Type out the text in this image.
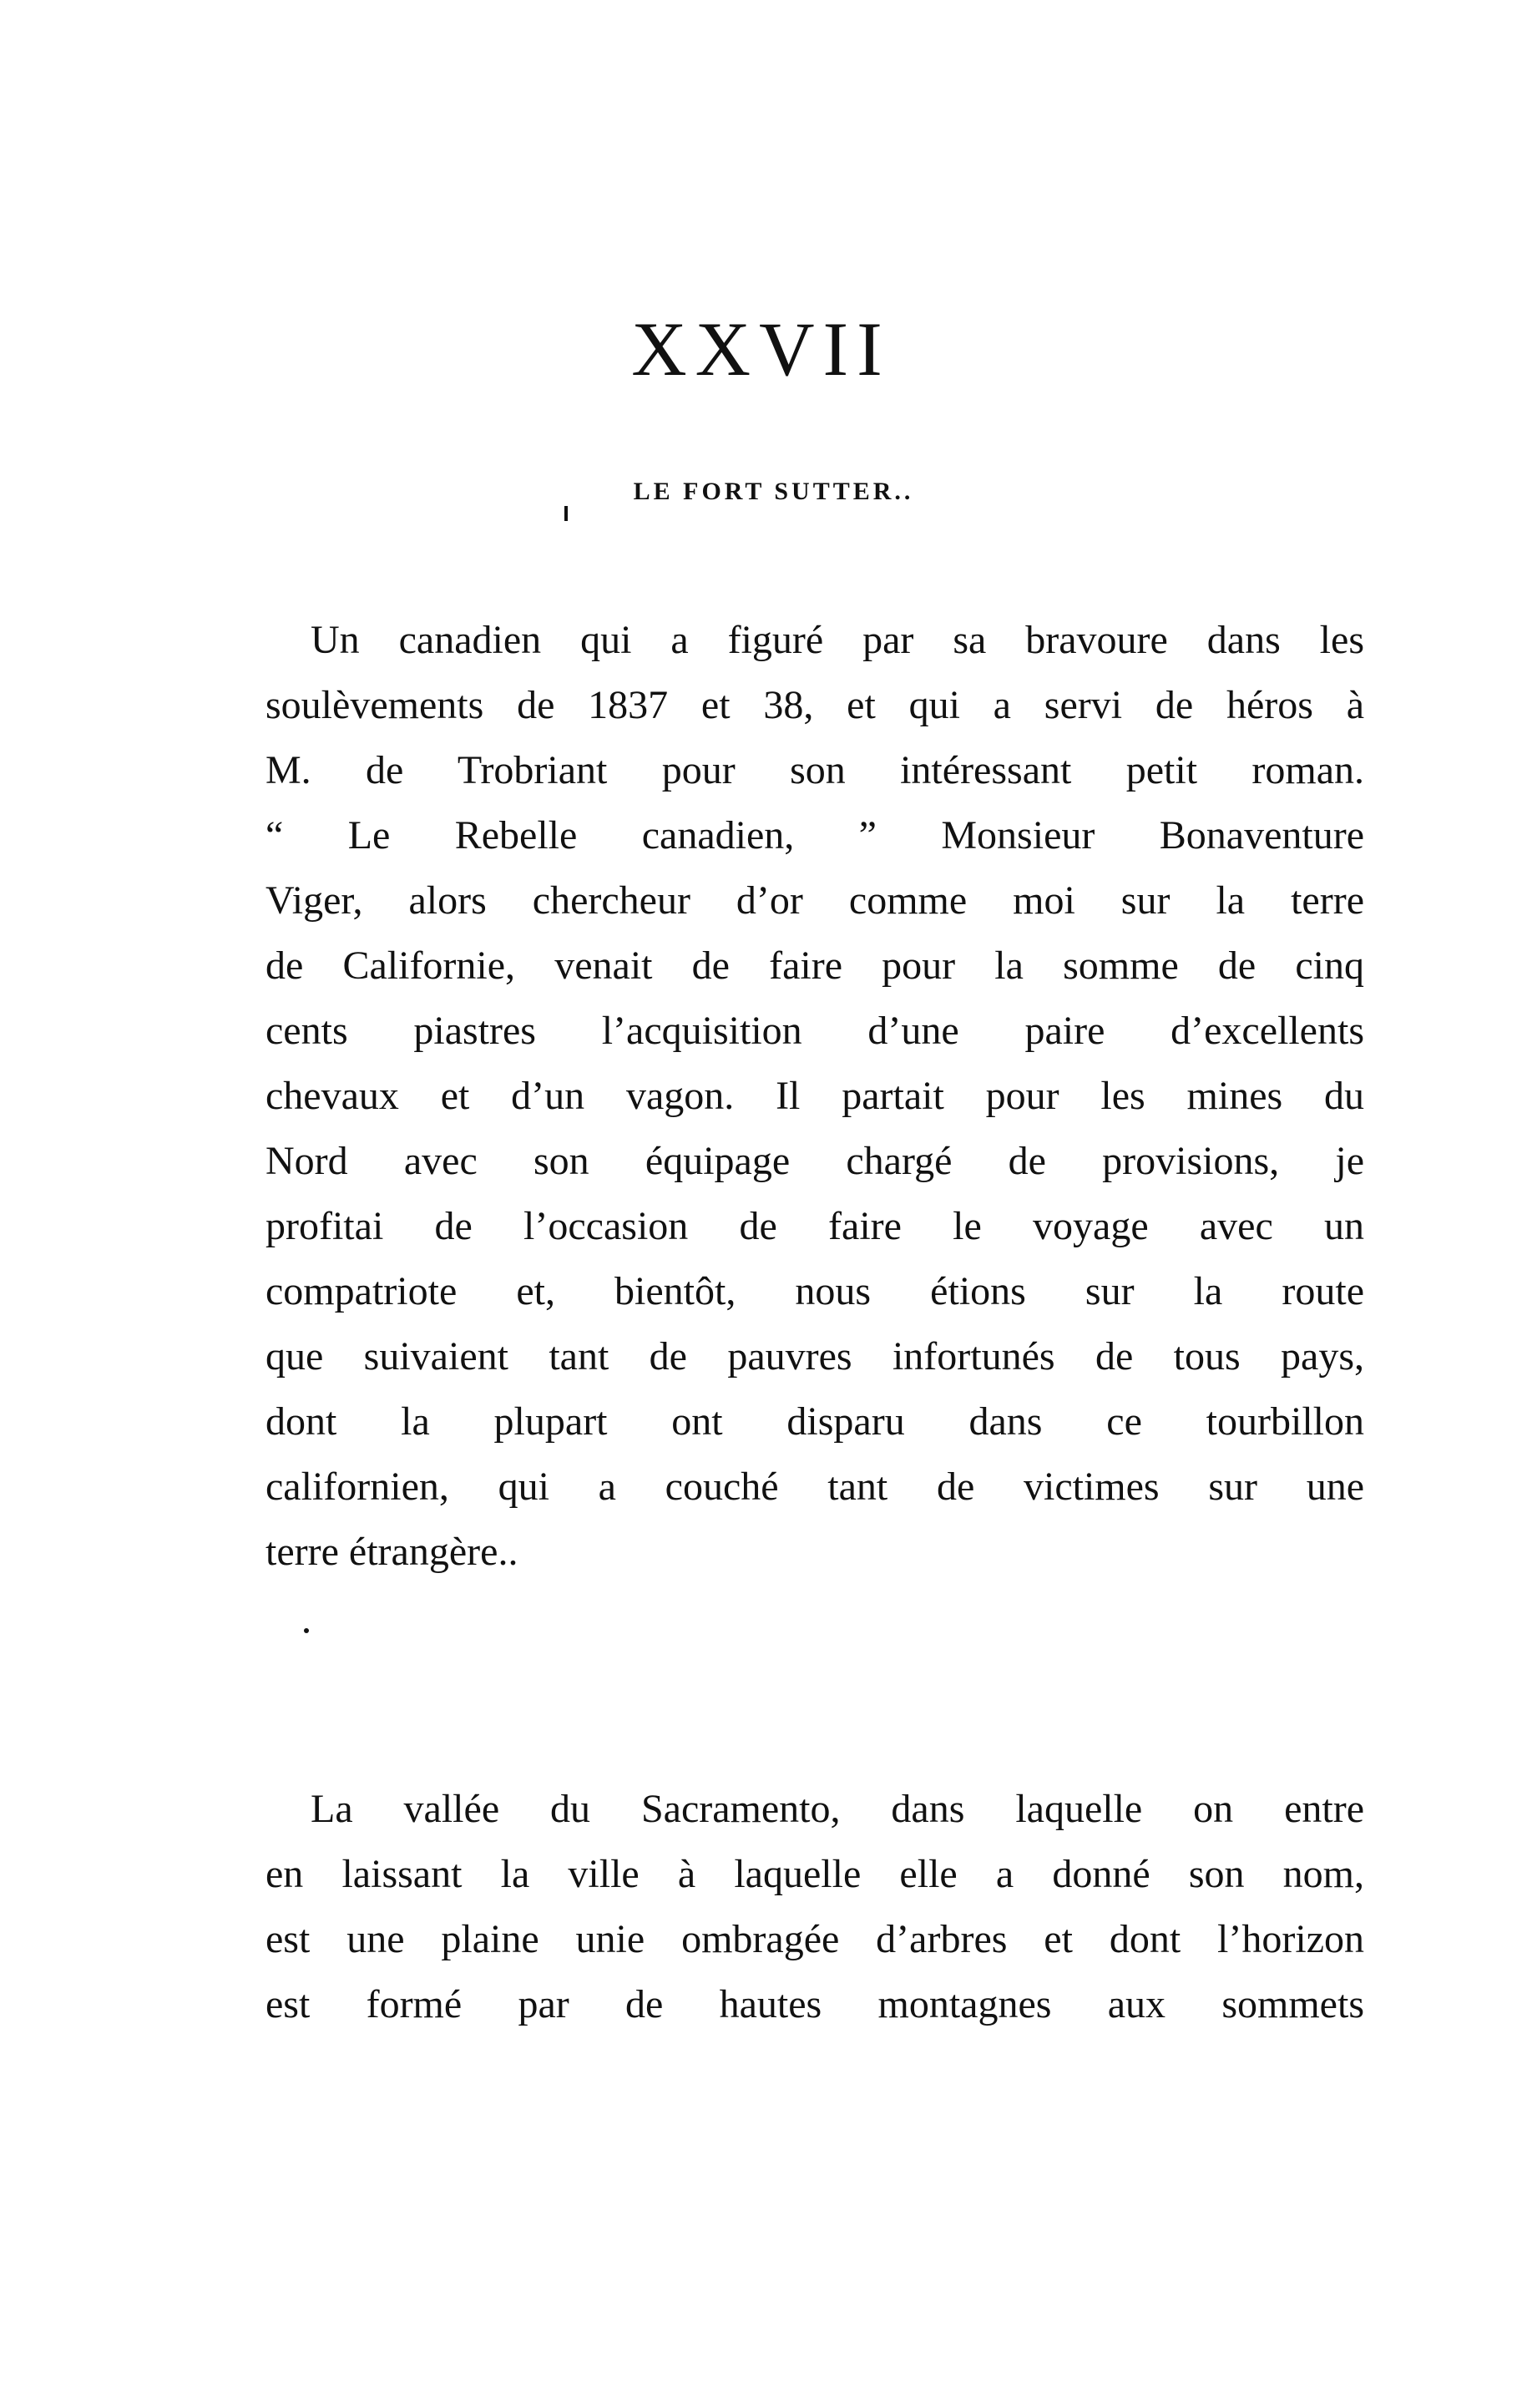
XXVII
LE FORT SUTTER..
Un canadien qui a figuré par sa bravoure dans les
soulèvements de 1837 et 38, et qui a servi de héros à
M. de Trobriant pour son intéressant petit roman.
“ Le Rebelle canadien, ” Monsieur Bonaventure
Viger, alors chercheur d’or comme moi sur la terre
de Californie, venait de faire pour la somme de cinq
cents piastres l’acquisition d’une paire d’excellents
chevaux et d’un vagon. Il partait pour les mines du
Nord avec son équipage chargé de provisions, je
profitai de l’occasion de faire le voyage avec un
compatriote et, bientôt, nous étions sur la route
que suivaient tant de pauvres infortunés de tous pays,
dont la plupart ont disparu dans ce tourbillon
californien, qui a couché tant de victimes sur une
terre étrangère..
La vallée du Sacramento, dans laquelle on entre
en laissant la ville à laquelle elle a donné son nom,
est une plaine unie ombragée d’arbres et dont l’horizon
est formé par de hautes montagnes aux sommets
